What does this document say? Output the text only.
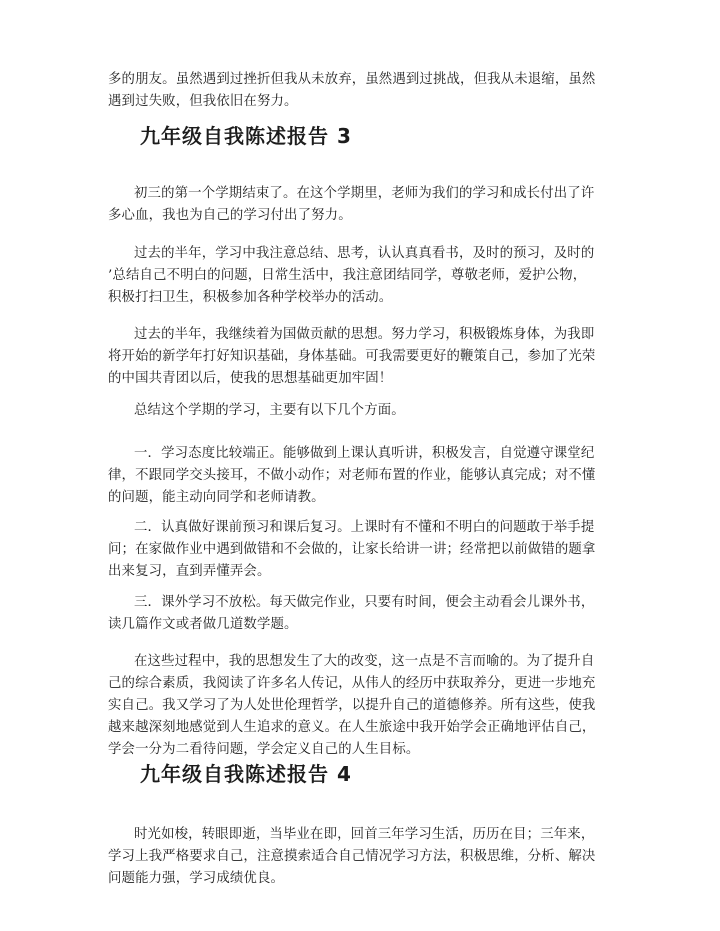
多的朋友。虽然遇到过挫折但我从未放弃，虽然遇到过挑战，但我从未退缩，虽然
遇到过失败，但我依旧在努力。
九年级自我陈述报告 3
初三的第一个学期结束了。在这个学期里，老师为我们的学习和成长付出了许
多心血，我也为自己的学习付出了努力。
过去的半年，学习中我注意总结、思考，认认真真看书，及时的预习，及时的
’总结自己不明白的问题，日常生活中，我注意团结同学，尊敬老师，爱护公物，
积极打扫卫生，积极参加各种学校举办的活动。
过去的半年，我继续着为国做贡献的思想。努力学习，积极锻炼身体，为我即
将开始的新学年打好知识基础，身体基础。可我需要更好的鞭策自己，参加了光荣
的中国共青团以后，使我的思想基础更加牢固！
总结这个学期的学习，主要有以下几个方面。
一．学习态度比较端正。能够做到上课认真听讲，积极发言，自觉遵守课堂纪
律，不跟同学交头接耳，不做小动作；对老师布置的作业，能够认真完成；对不懂
的问题，能主动向同学和老师请教。
二．认真做好课前预习和课后复习。上课时有不懂和不明白的问题敢于举手提
问；在家做作业中遇到做错和不会做的，让家长给讲一讲；经常把以前做错的题拿
出来复习，直到弄懂弄会。
三．课外学习不放松。每天做完作业，只要有时间，便会主动看会儿课外书，
读几篇作文或者做几道数学题。
在这些过程中，我的思想发生了大的改变，这一点是不言而喻的。为了提升自
己的综合素质，我阅读了许多名人传记，从伟人的经历中获取养分，更进一步地充
实自己。我又学习了为人处世伦理哲学，以提升自己的道德修养。所有这些，使我
越来越深刻地感觉到人生追求的意义。在人生旅途中我开始学会正确地评估自己，
学会一分为二看待问题，学会定义自己的人生目标。
九年级自我陈述报告 4
时光如梭，转眼即逝，当毕业在即，回首三年学习生活，历历在目；三年来，
学习上我严格要求自己，注意摸索适合自己情况学习方法，积极思维，分析、解决
问题能力强，学习成绩优良。
